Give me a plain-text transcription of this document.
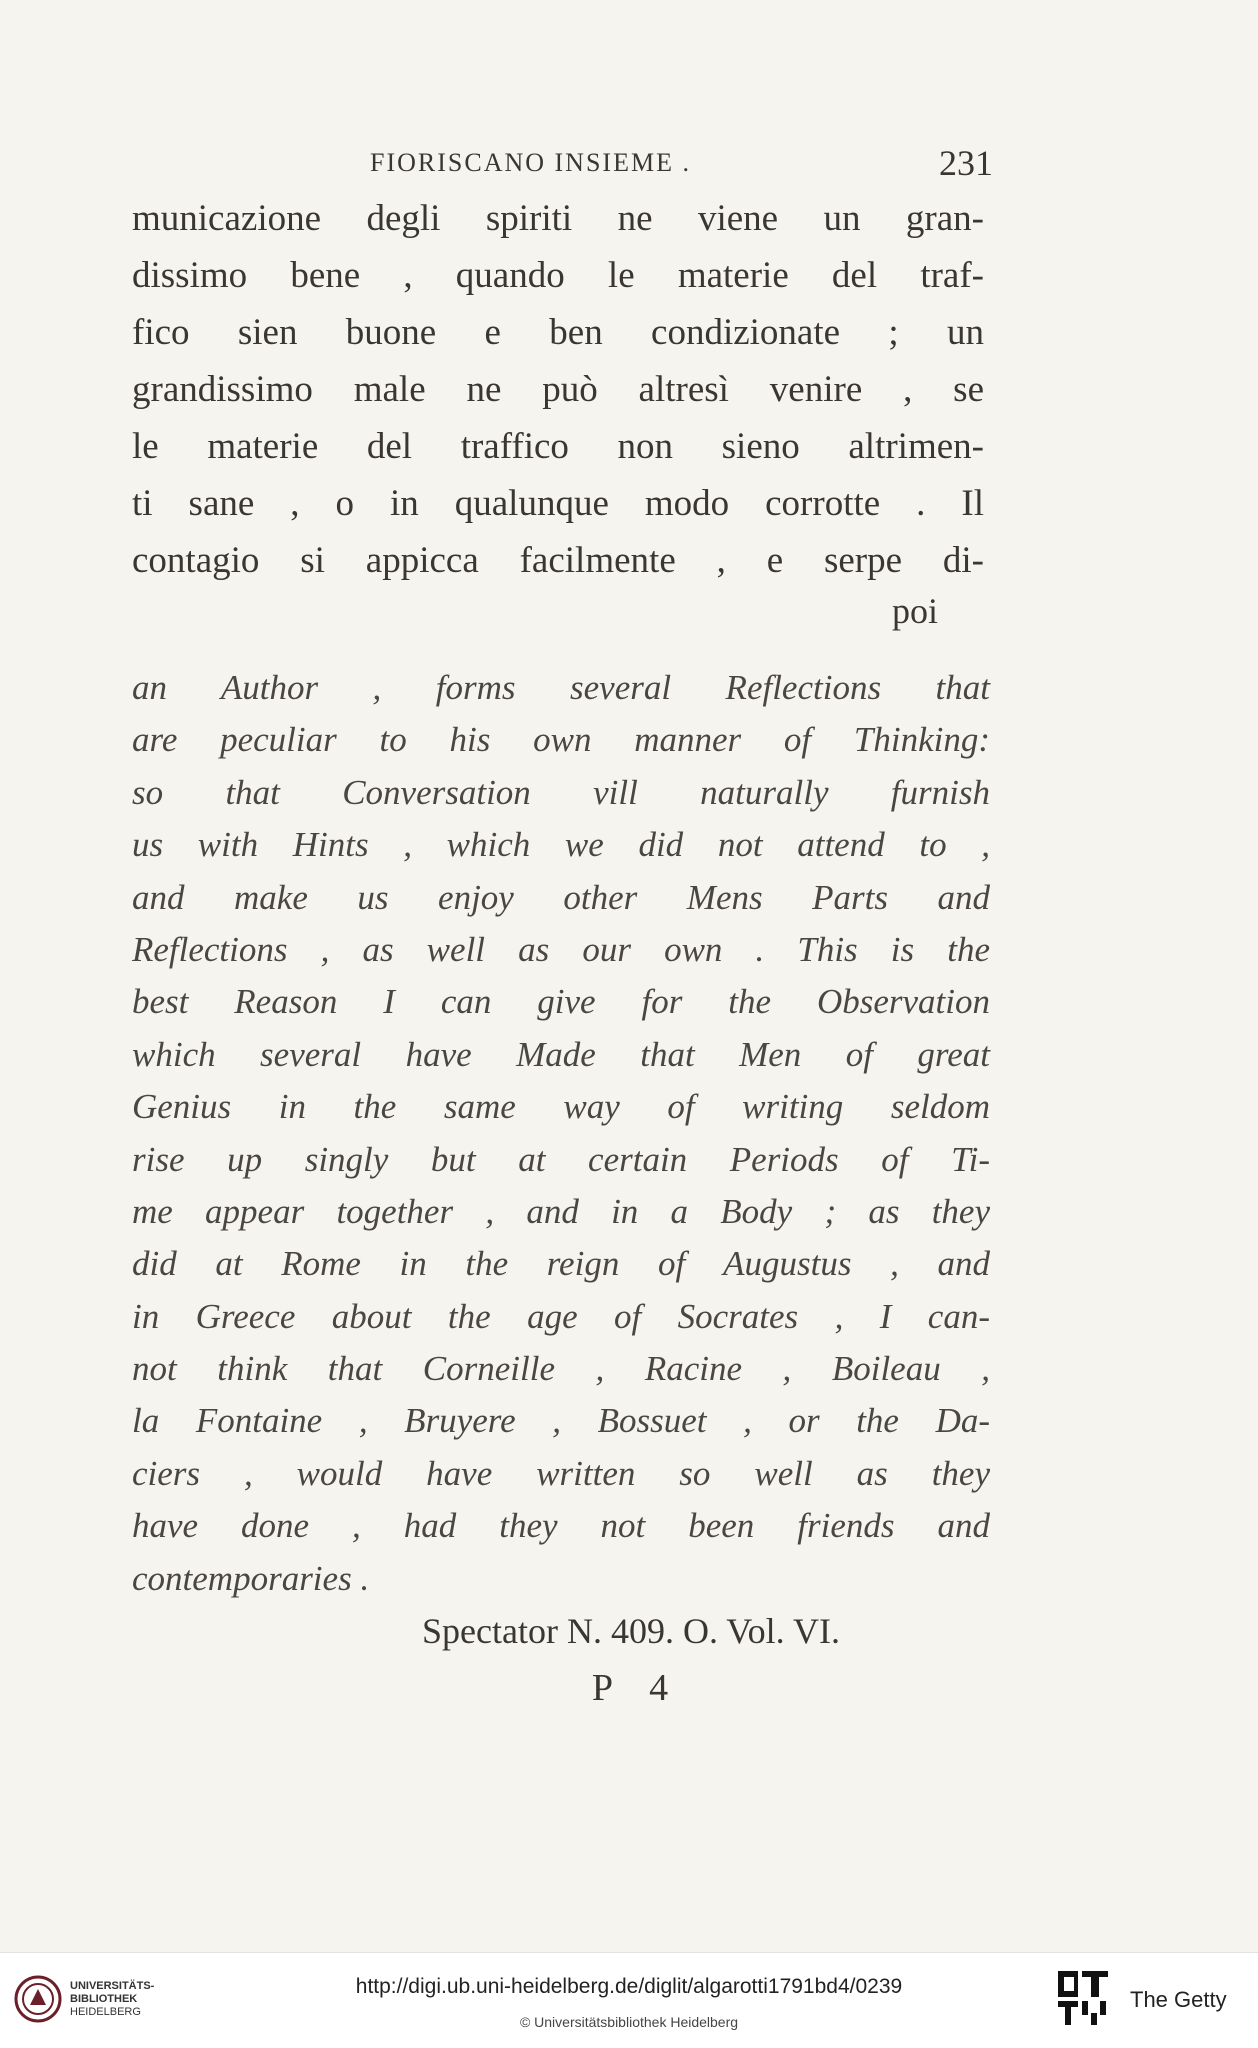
FIORISCANO INSIEME .	231
municazione degli spiriti ne viene un gran-
dissimo bene , quando le materie del traf-
fico sien buone e ben condizionate ; un
grandissimo male ne può altresì venire , se
le materie del traffico non sieno altrimen-
ti sane , o in qualunque modo corrotte . Il
contagio si appicca facilmente , e serpe di-
poi
an Author , forms several Reflections that
are peculiar to his own manner of Thinking:
so that Conversation vill naturally furnish
us with Hints , which we did not attend to ,
and make us enjoy other Mens Parts and
Reflections , as well as our own . This is the
best Reason I can give for the Observation
which several have Made that Men of great
Genius in the same way of writing seldom
rise up singly but at certain Periods of Ti-
me appear together , and in a Body ; as they
did at Rome in the reign of Augustus , and
in Greece about the age of Socrates , I can-
not think that Corneille , Racine , Boileau ,
la Fontaine , Bruyere , Bossuet , or the Da-
ciers , would have written so well as they
have done , had they not been friends and
contemporaries .
Spectator N. 409. O. Vol. VI.
P 4
UNIVERSITÄTS-
BIBLIOTHEK
HEIDELBERG
http://digi.ub.uni-heidelberg.de/diglit/algarotti1791bd4/0239
© Universitätsbibliothek Heidelberg
The Getty
